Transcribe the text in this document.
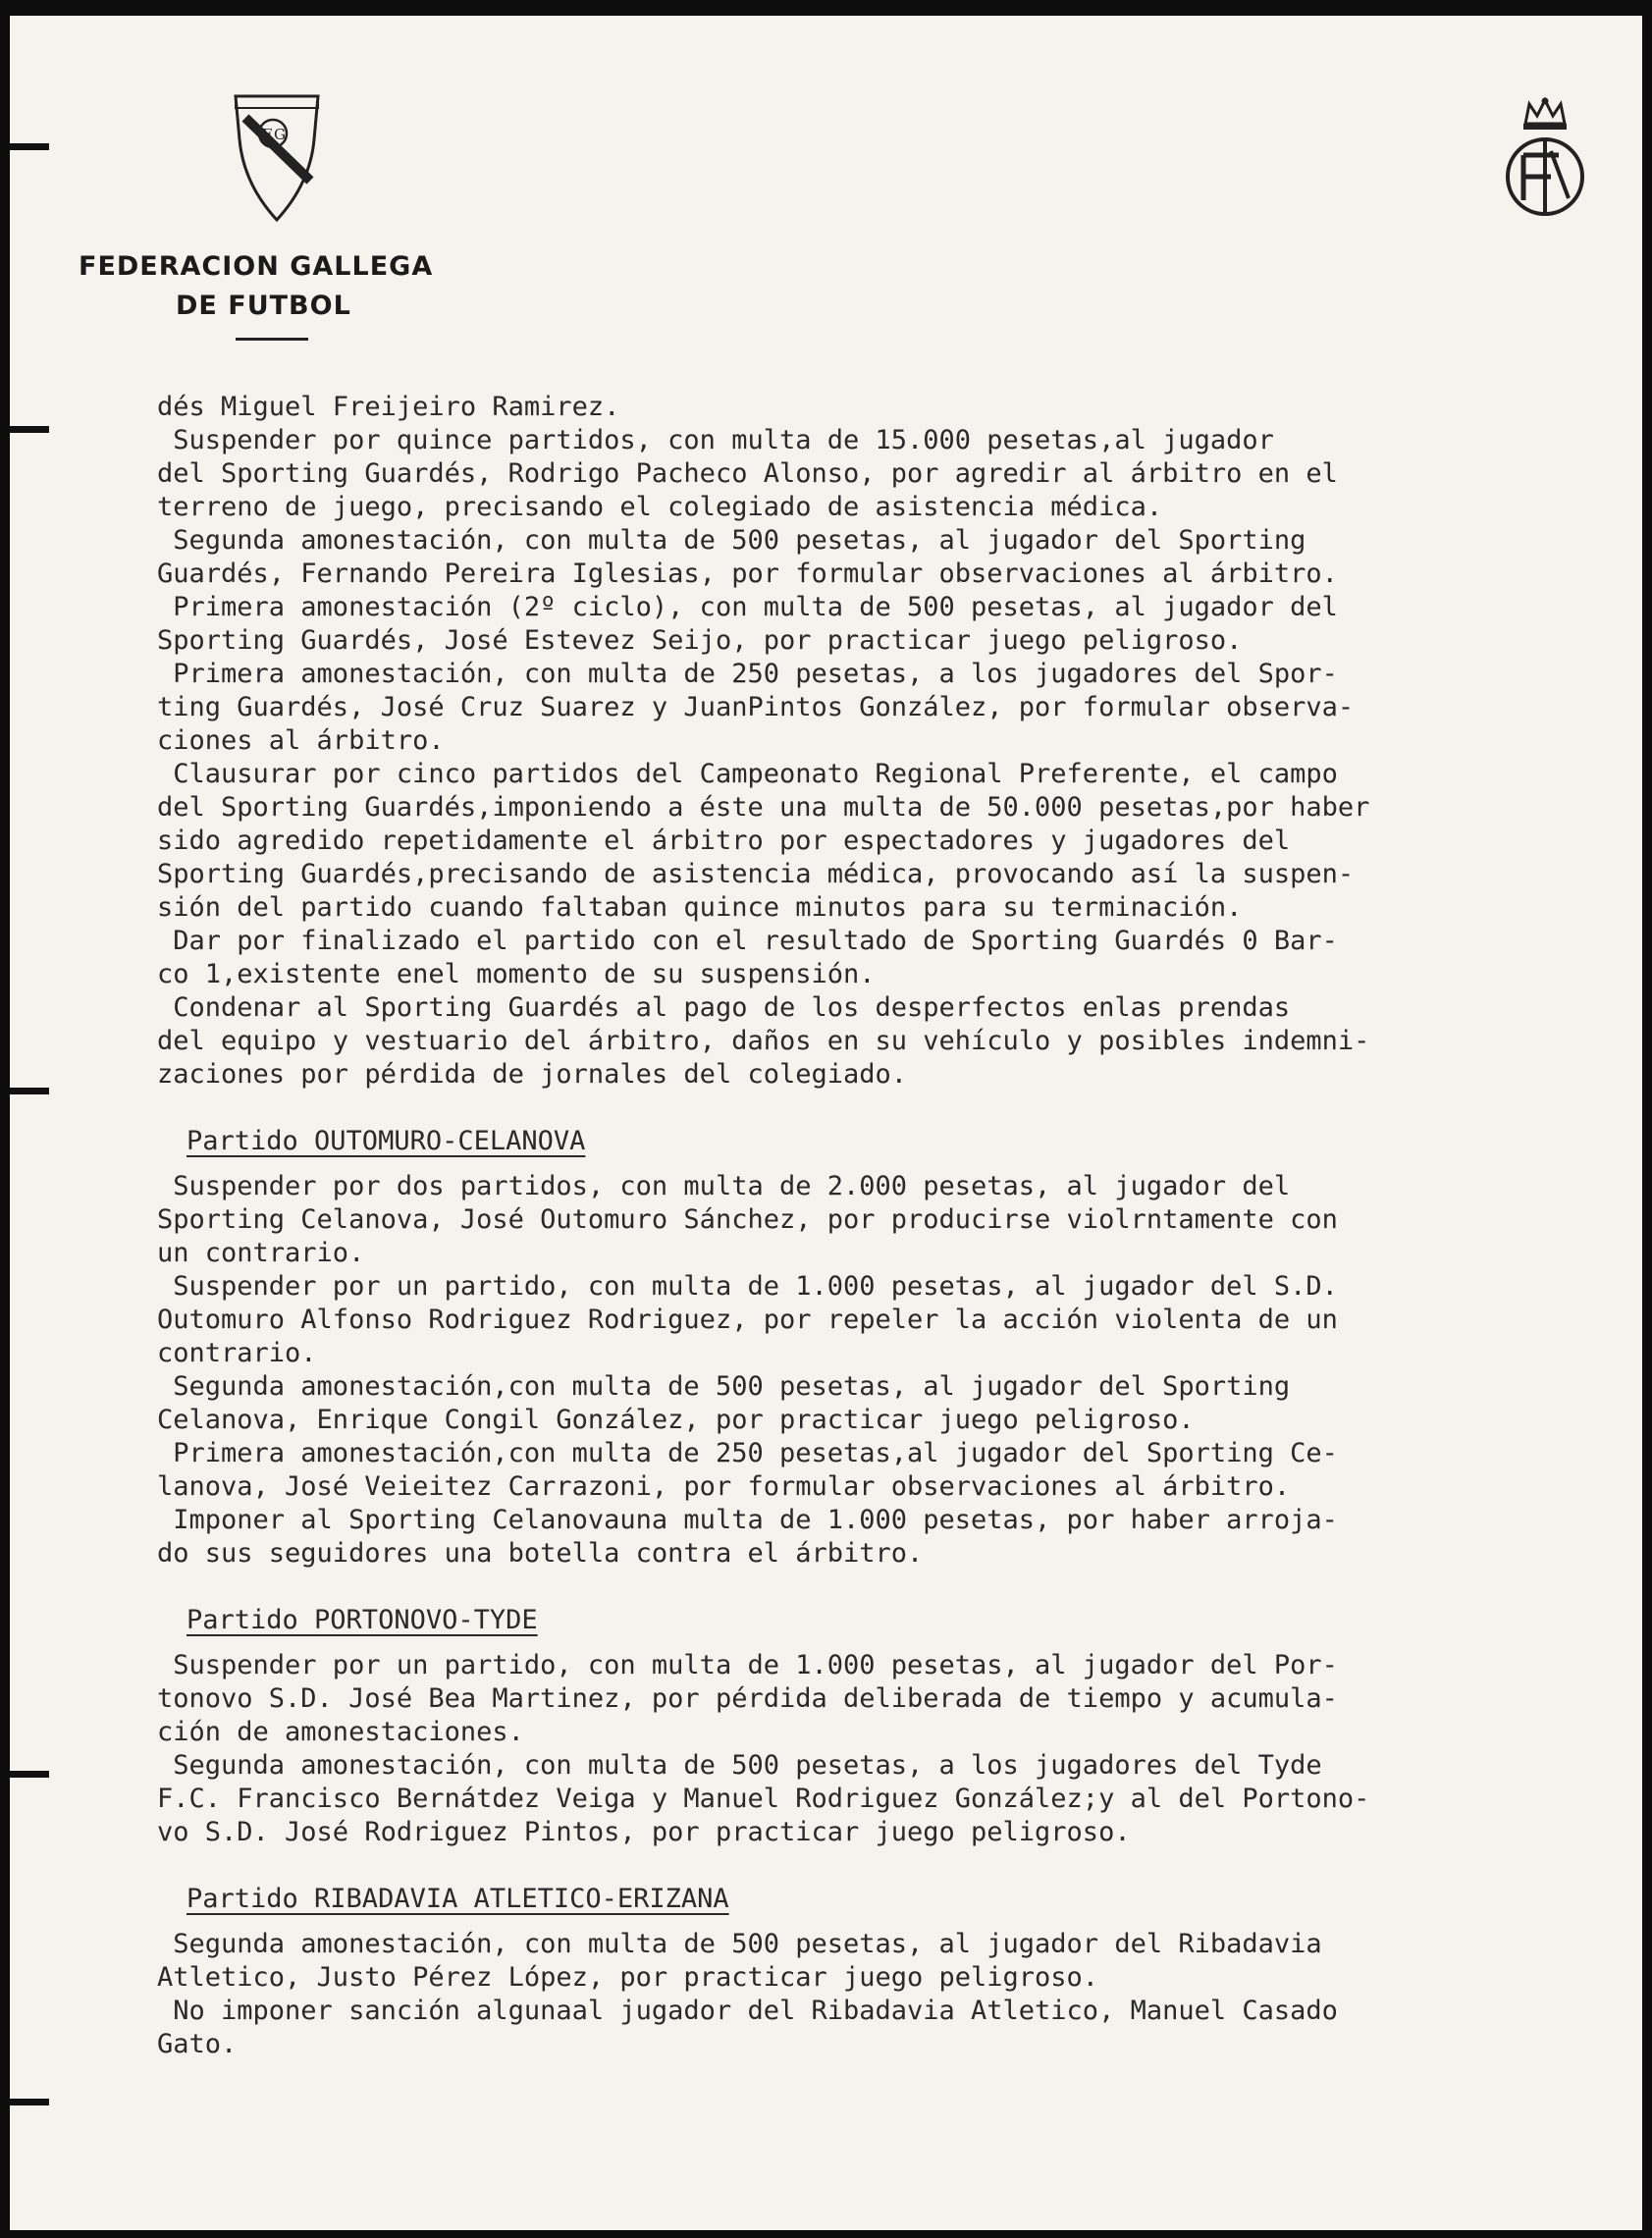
F G
FEDERACION GALLEGA
DE FUTBOL
dés Miguel Freijeiro Ramirez.
Suspender por quince partidos, con multa de 15.000 pesetas,al jugador
del Sporting Guardés, Rodrigo Pacheco Alonso, por agredir al árbitro en el
terreno de juego, precisando el colegiado de asistencia médica.
Segunda amonestación, con multa de 500 pesetas, al jugador del Sporting
Guardés, Fernando Pereira Iglesias, por formular observaciones al árbitro.
Primera amonestación (2º ciclo), con multa de 500 pesetas, al jugador del
Sporting Guardés, José Estevez Seijo, por practicar juego peligroso.
Primera amonestación, con multa de 250 pesetas, a los jugadores del Spor-
ting Guardés, José Cruz Suarez y JuanPintos González, por formular observa-
ciones al árbitro.
Clausurar por cinco partidos del Campeonato Regional Preferente, el campo
del Sporting Guardés,imponiendo a éste una multa de 50.000 pesetas,por haber
sido agredido repetidamente el árbitro por espectadores y jugadores del
Sporting Guardés,precisando de asistencia médica, provocando así la suspen-
sión del partido cuando faltaban quince minutos para su terminación.
Dar por finalizado el partido con el resultado de Sporting Guardés 0 Bar-
co 1,existente enel momento de su suspensión.
Condenar al Sporting Guardés al pago de los desperfectos enlas prendas
del equipo y vestuario del árbitro, daños en su vehículo y posibles indemni-
zaciones por pérdida de jornales del colegiado.
Partido OUTOMURO-CELANOVA
Suspender por dos partidos, con multa de 2.000 pesetas, al jugador del
Sporting Celanova, José Outomuro Sánchez, por producirse violrntamente con
un contrario.
Suspender por un partido, con multa de 1.000 pesetas, al jugador del S.D.
Outomuro Alfonso Rodriguez Rodriguez, por repeler la acción violenta de un
contrario.
Segunda amonestación,con multa de 500 pesetas, al jugador del Sporting
Celanova, Enrique Congil González, por practicar juego peligroso.
Primera amonestación,con multa de 250 pesetas,al jugador del Sporting Ce-
lanova, José Veieitez Carrazoni, por formular observaciones al árbitro.
Imponer al Sporting Celanovauna multa de 1.000 pesetas, por haber arroja-
do sus seguidores una botella contra el árbitro.
Partido PORTONOVO-TYDE
Suspender por un partido, con multa de 1.000 pesetas, al jugador del Por-
tonovo S.D. José Bea Martinez, por pérdida deliberada de tiempo y acumula-
ción de amonestaciones.
Segunda amonestación, con multa de 500 pesetas, a los jugadores del Tyde
F.C. Francisco Bernátdez Veiga y Manuel Rodriguez González;y al del Portono-
vo S.D. José Rodriguez Pintos, por practicar juego peligroso.
Partido RIBADAVIA ATLETICO-ERIZANA
Segunda amonestación, con multa de 500 pesetas, al jugador del Ribadavia
Atletico, Justo Pérez López, por practicar juego peligroso.
No imponer sanción algunaal jugador del Ribadavia Atletico, Manuel Casado
Gato.
